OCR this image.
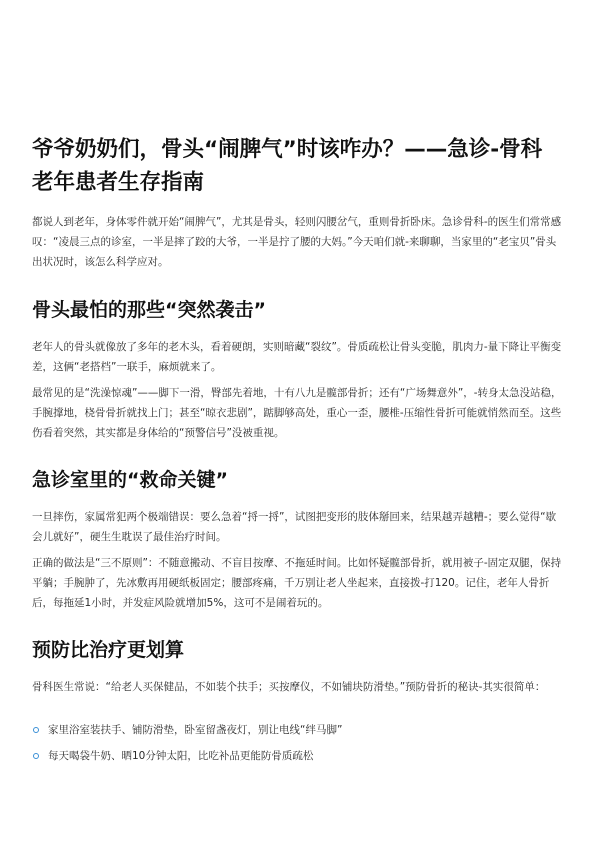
爷爷奶奶们，骨头“闹脾气”时该咋办？——急诊-骨科老年患者生存指南
都说人到老年，身体零件就开始“闹脾气”，尤其是骨头，轻则闪腰岔气，重则骨折卧床。急诊骨科-的医生们常常感叹：“凌晨三点的诊室，一半是摔了跤的大爷，一半是拧了腰的大妈。”今天咱们就-来聊聊，当家里的“老宝贝”骨头出状况时，该怎么科学应对。
骨头最怕的那些“突然袭击”
老年人的骨头就像放了多年的老木头，看着硬朗，实则暗藏“裂纹”。骨质疏松让骨头变脆，肌肉力-量下降让平衡变差，这俩“老搭档”一联手，麻烦就来了。
最常见的是“洗澡惊魂”——脚下一滑，臀部先着地，十有八九是髋部骨折；还有“广场舞意外”，-转身太急没站稳，手腕撑地，桡骨骨折就找上门；甚至“晾衣悲剧”，踮脚够高处，重心一歪，腰椎-压缩性骨折可能就悄然而至。这些伤看着突然，其实都是身体给的“预警信号”没被重视。
急诊室里的“救命关键”
一旦摔伤，家属常犯两个极端错误：要么急着“捋一捋”，试图把变形的肢体掰回来，结果越弄越糟-；要么觉得“歇会儿就好”，硬生生耽误了最佳治疗时间。
正确的做法是“三不原则”：不随意搬动、不盲目按摩、不拖延时间。比如怀疑髋部骨折，就用被子-固定双腿，保持平躺；手腕肿了，先冰敷再用硬纸板固定；腰部疼痛，千万别让老人坐起来，直接拨-打120。记住，老年人骨折后，每拖延1小时，并发症风险就增加5%，这可不是闹着玩的。
预防比治疗更划算
骨科医生常说：“给老人买保健品，不如装个扶手；买按摩仪，不如铺块防滑垫。”预防骨折的秘诀-其实很简单：
家里浴室装扶手、铺防滑垫，卧室留盏夜灯，别让电线“绊马脚”
每天喝袋牛奶、晒10分钟太阳，比吃补品更能防骨质疏松
